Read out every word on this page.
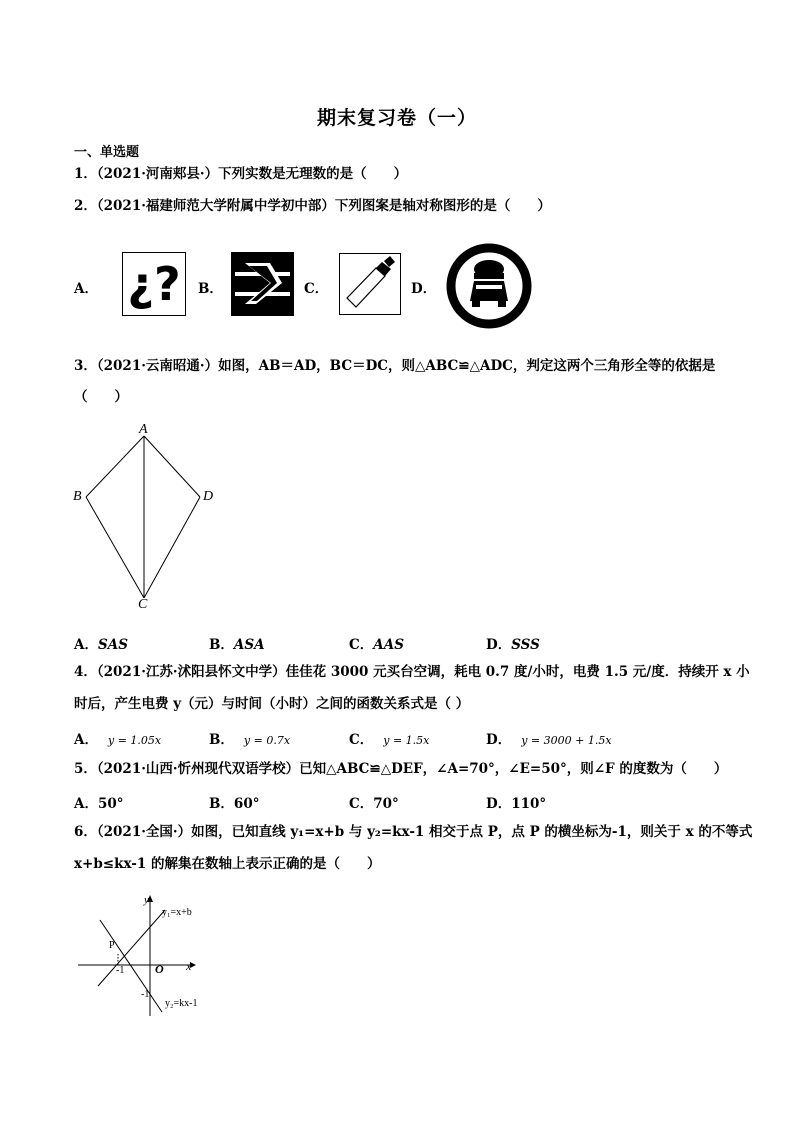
期末复习卷（一）
一、单选题
1．（2021·河南郏县·）下列实数是无理数的是（　　）
2．（2021·福建师范大学附属中学初中部）下列图案是轴对称图形的是（　　）
A． ¿?	B．	C．	D．
3．（2021·云南昭通·）如图，AB＝AD，BC＝DC，则△ABC≌△ADC，判定这两个三角形全等的依据是
（　　）
A
B
C
D
A．SAS	B．ASA	C．AAS	D．SSS
4．（2021·江苏·沭阳县怀文中学）佳佳花 3000 元买台空调，耗电 0.7 度/小时，电费 1.5 元/度．持续开 x 小
时后，产生电费 y（元）与时间（小时）之间的函数关系式是（ ）
A． y = 1.05x	B． y = 0.7x	C． y = 1.5x	D． y = 3000 + 1.5x
5．（2021·山西·忻州现代双语学校）已知△ABC≌△DEF，∠A=70°，∠E=50°，则∠F 的度数为（　　）
A．50°	B．60°	C．70°	D．110°
6．（2021·全国·）如图，已知直线 y₁=x+b 与 y₂=kx-1 相交于点 P，点 P 的横坐标为-1，则关于 x 的不等式
x+b≤kx-1 的解集在数轴上表示正确的是（　　）
y
x
O
P
-1
-1
y₁=x+b
y₂=kx-1
